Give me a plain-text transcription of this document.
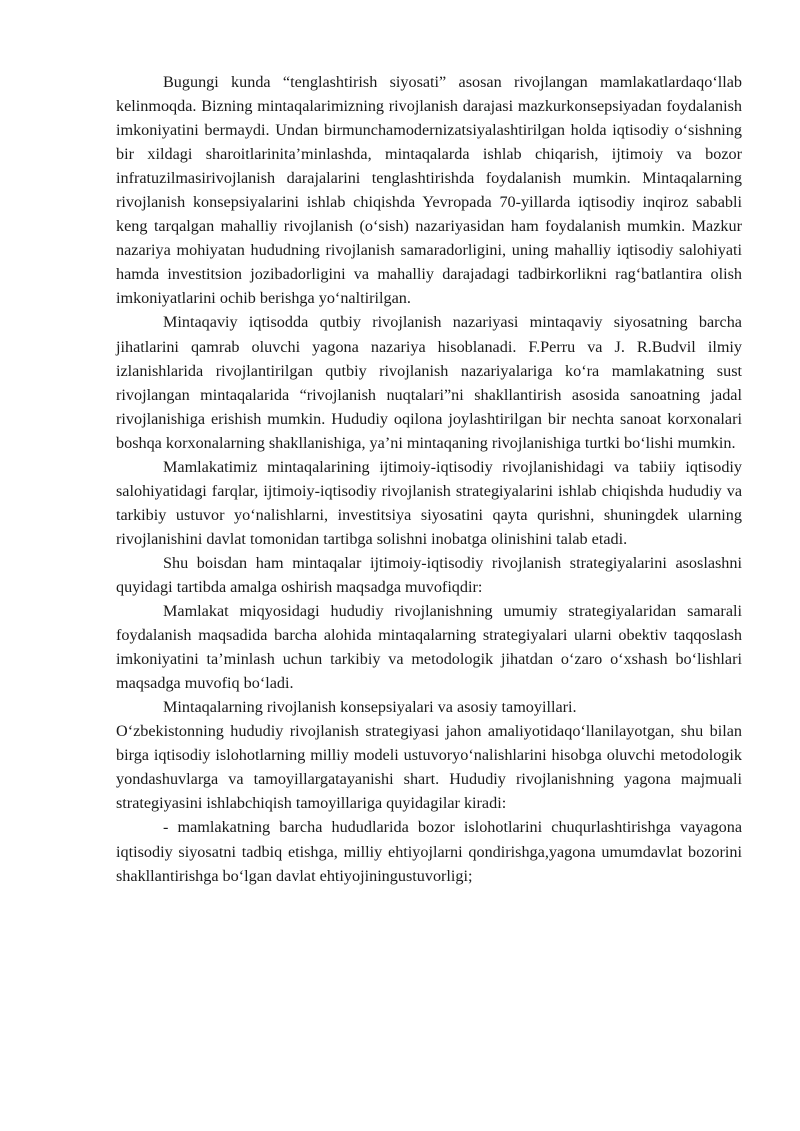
Bugungi kunda “tenglashtirish siyosati” asosan rivojlangan mamlakatlardaqo‘llab kelinmoqda. Bizning mintaqalarimizning rivojlanish darajasi mazkurkonsepsiyadan foydalanish imkoniyatini bermaydi. Undan birmunchamodernizatsiyalashtirilgan holda iqtisodiy o‘sishning bir xildagi sharoitlarinita’minlashda, mintaqalarda ishlab chiqarish, ijtimoiy va bozor infratuzilmasirivojlanish darajalarini tenglashtirishda foydalanish mumkin. Mintaqalarning rivojlanish konsepsiyalarini ishlab chiqishda Yevropada 70-yillarda iqtisodiy inqiroz sababli keng tarqalgan mahalliy rivojlanish (o‘sish) nazariyasidan ham foydalanish mumkin. Mazkur nazariya mohiyatan hududning rivojlanish samaradorligini, uning mahalliy iqtisodiy salohiyati hamda investitsion jozibadorligini va mahalliy darajadagi tadbirkorlikni rag‘batlantira olish imkoniyatlarini ochib berishga yo‘naltirilgan.

Mintaqaviy iqtisodda qutbiy rivojlanish nazariyasi mintaqaviy siyosatning barcha jihatlarini qamrab oluvchi yagona nazariya hisoblanadi. F.Perru va J. R.Budvil ilmiy izlanishlarida rivojlantirilgan qutbiy rivojlanish nazariyalariga ko‘ra mamlakatning sust rivojlangan mintaqalarida “rivojlanish nuqtalari”ni shakllantirish asosida sanoatning jadal rivojlanishiga erishish mumkin. Hududiy oqilona joylashtirilgan bir nechta sanoat korxonalari boshqa korxonalarning shakllanishiga, ya’ni mintaqaning rivojlanishiga turtki bo‘lishi mumkin.

Mamlakatimiz mintaqalarining ijtimoiy-iqtisodiy rivojlanishidagi va tabiiy iqtisodiy salohiyatidagi farqlar, ijtimoiy-iqtisodiy rivojlanish strategiyalarini ishlab chiqishda hududiy va tarkibiy ustuvor yo‘nalishlarni, investitsiya siyosatini qayta qurishni, shuningdek ularning rivojlanishini davlat tomonidan tartibga solishni inobatga olinishini talab etadi.

Shu boisdan ham mintaqalar ijtimoiy-iqtisodiy rivojlanish strategiyalarini asoslashni quyidagi tartibda amalga oshirish maqsadga muvofiqdir:

Mamlakat miqyosidagi hududiy rivojlanishning umumiy strategiyalaridan samarali foydalanish maqsadida barcha alohida mintaqalarning strategiyalari ularni obektiv taqqoslash imkoniyatini ta’minlash uchun tarkibiy va metodologik jihatdan o‘zaro o‘xshash bo‘lishlari maqsadga muvofiq bo‘ladi.

Mintaqalarning rivojlanish konsepsiyalari va asosiy tamoyillari.

O‘zbekistonning hududiy rivojlanish strategiyasi jahon amaliyotidaqo‘llanilayotgan, shu bilan birga iqtisodiy islohotlarning milliy modeli ustuvoryo‘nalishlarini hisobga oluvchi metodologik yondashuvlarga va tamoyillargatayanishi shart. Hududiy rivojlanishning yagona majmuali strategiyasini ishlabchiqish tamoyillariga quyidagilar kiradi:

- mamlakatning barcha hududlarida bozor islohotlarini chuqurlashtirishga vayagona iqtisodiy siyosatni tadbiq etishga, milliy ehtiyojlarni qondirishga,yagona umumdavlat bozorini shakllantirishga bo‘lgan davlat ehtiyojiningustuvorligi;
